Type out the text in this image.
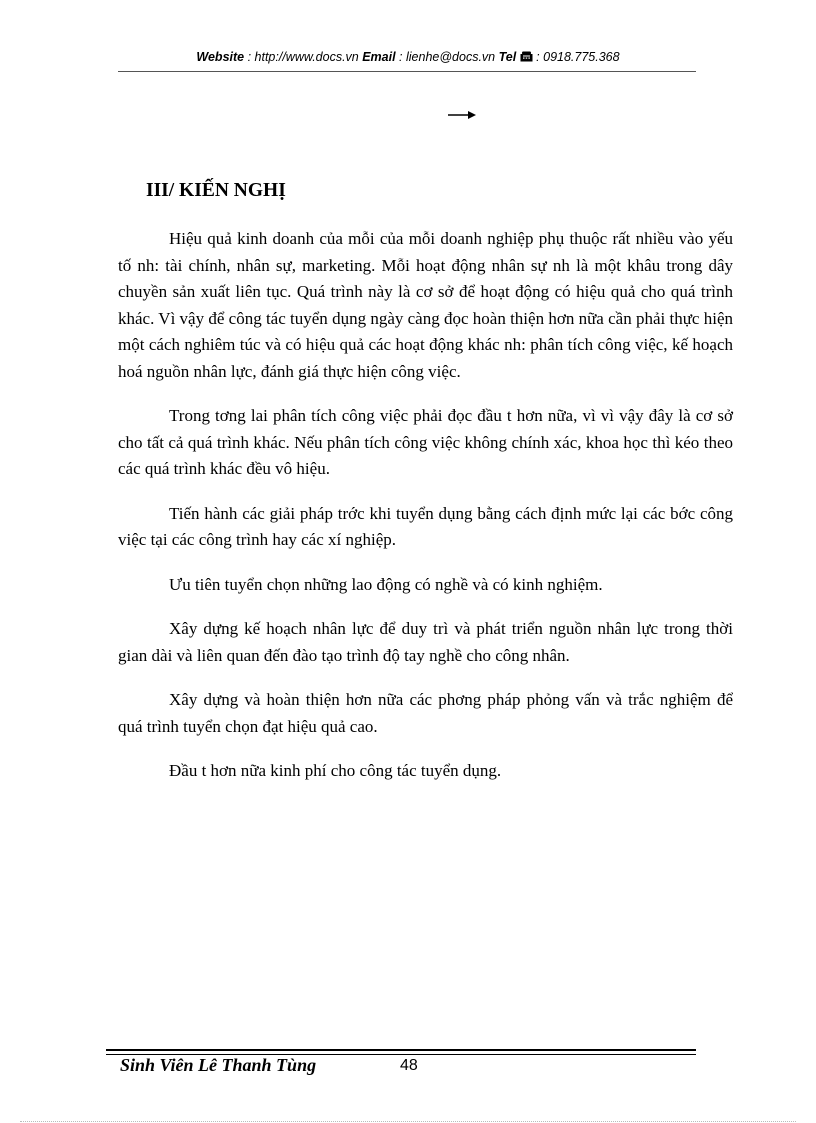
Website : http://www.docs.vn Email : lienhe@docs.vn Tel  : 0918.775.368
III/ KIẾN NGHỊ

Hiệu quả kinh doanh của mỗi của mỗi doanh nghiệp phụ thuộc rất nhiều vào yếu tố nh: tài chính, nhân sự, marketing. Mỗi hoạt động nhân sự nh là một khâu trong dây chuyền sản xuất liên tục. Quá trình này là cơ sở để hoạt động có hiệu quả cho quá trình khác. Vì vậy để công tác tuyển dụng ngày càng đọc hoàn thiện hơn nữa cần phải thực hiện một cách nghiêm túc và có hiệu quả các hoạt động khác nh: phân tích công việc, kế hoạch hoá nguồn nhân lực, đánh giá thực hiện công việc.

Trong tơng lai phân tích công việc phải đọc đầu t hơn nữa, vì vì vậy đây là cơ sở cho tất cả quá trình khác. Nếu phân tích công việc không chính xác, khoa học thì kéo theo các quá trình khác đều vô hiệu.

Tiến hành các giải pháp trớc khi tuyển dụng bằng cách định mức lại các bớc công việc tại các công trình hay các xí nghiệp.

Ưu tiên tuyển chọn những lao động có nghề và có kinh nghiệm.

Xây dựng kế hoạch nhân lực để duy trì và phát triển nguồn nhân lực trong thời gian dài và liên quan đến đào tạo trình độ tay nghề cho công nhân.

Xây dựng và hoàn thiện hơn nữa các phơng pháp phỏng vấn và trắc nghiệm để quá trình tuyển chọn đạt hiệu quả cao.

Đầu t hơn nữa kinh phí cho công tác tuyển dụng.

Sinh Viên Lê Thanh Tùng	48
